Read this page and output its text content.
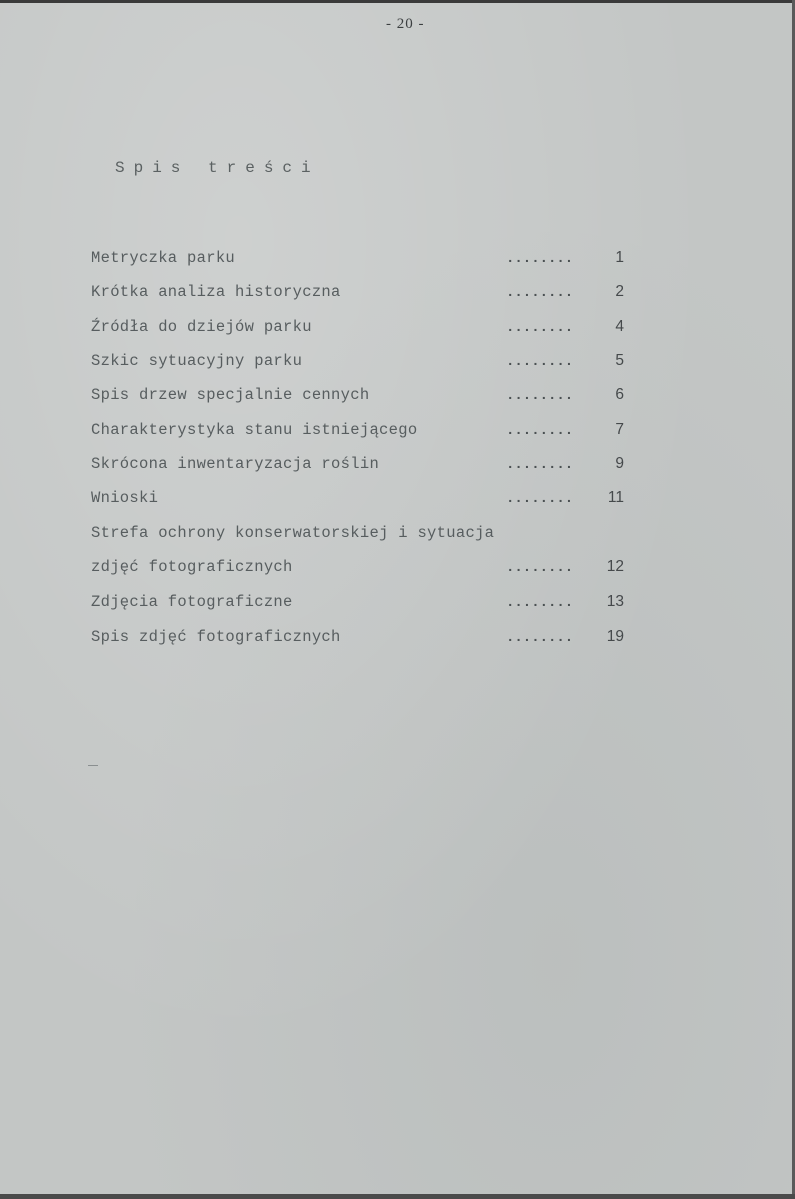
- 20 -
Spis treści
Metryczka parku	........	1
Krótka analiza historyczna	........	2
Źródła do dziejów parku	........	4
Szkic sytuacyjny parku	........	5
Spis drzew specjalnie cennych	........	6
Charakterystyka stanu istniejącego	........	7
Skrócona inwentaryzacja roślin	........	9
Wnioski	........	11
Strefa ochrony konserwatorskiej i sytuacja
zdjęć fotograficznych	........	12
Zdjęcia fotograficzne	........	13
Spis zdjęć fotograficznych	........	19
